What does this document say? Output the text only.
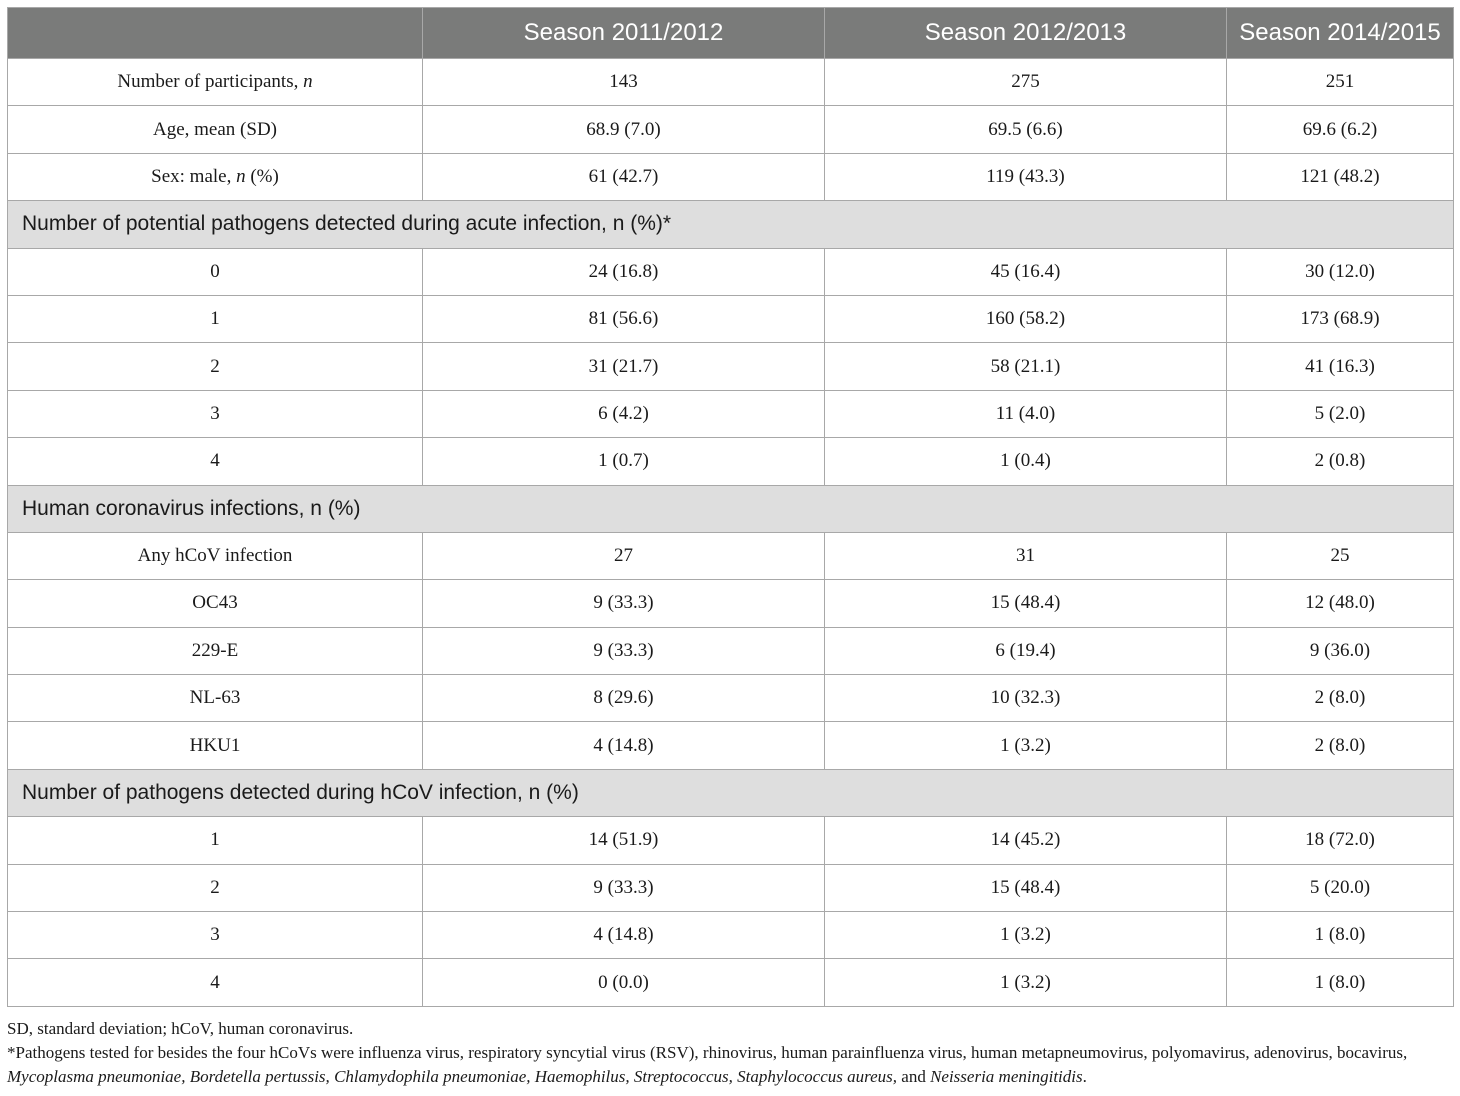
	Season 2011/2012	Season 2012/2013	Season 2014/2015
Number of participants, n	143	275	251
Age, mean (SD)	68.9 (7.0)	69.5 (6.6)	69.6 (6.2)
Sex: male, n (%)	61 (42.7)	119 (43.3)	121 (48.2)
Number of potential pathogens detected during acute infection, n (%)*			
0	24 (16.8)	45 (16.4)	30 (12.0)
1	81 (56.6)	160 (58.2)	173 (68.9)
2	31 (21.7)	58 (21.1)	41 (16.3)
3	6 (4.2)	11 (4.0)	5 (2.0)
4	1 (0.7)	1 (0.4)	2 (0.8)
Human coronavirus infections, n (%)			
Any hCoV infection	27	31	25
OC43	9 (33.3)	15 (48.4)	12 (48.0)
229-E	9 (33.3)	6 (19.4)	9 (36.0)
NL-63	8 (29.6)	10 (32.3)	2 (8.0)
HKU1	4 (14.8)	1 (3.2)	2 (8.0)
Number of pathogens detected during hCoV infection, n (%)			
1	14 (51.9)	14 (45.2)	18 (72.0)
2	9 (33.3)	15 (48.4)	5 (20.0)
3	4 (14.8)	1 (3.2)	1 (8.0)
4	0 (0.0)	1 (3.2)	1 (8.0)

SD, standard deviation; hCoV, human coronavirus.

*Pathogens tested for besides the four hCoVs were influenza virus, respiratory syncytial virus (RSV), rhinovirus, human parainfluenza virus, human metapneumovirus, polyomavirus, adenovirus, bocavirus, Mycoplasma pneumoniae, Bordetella pertussis, Chlamydophila pneumoniae, Haemophilus, Streptococcus, Staphylococcus aureus, and Neisseria meningitidis.
